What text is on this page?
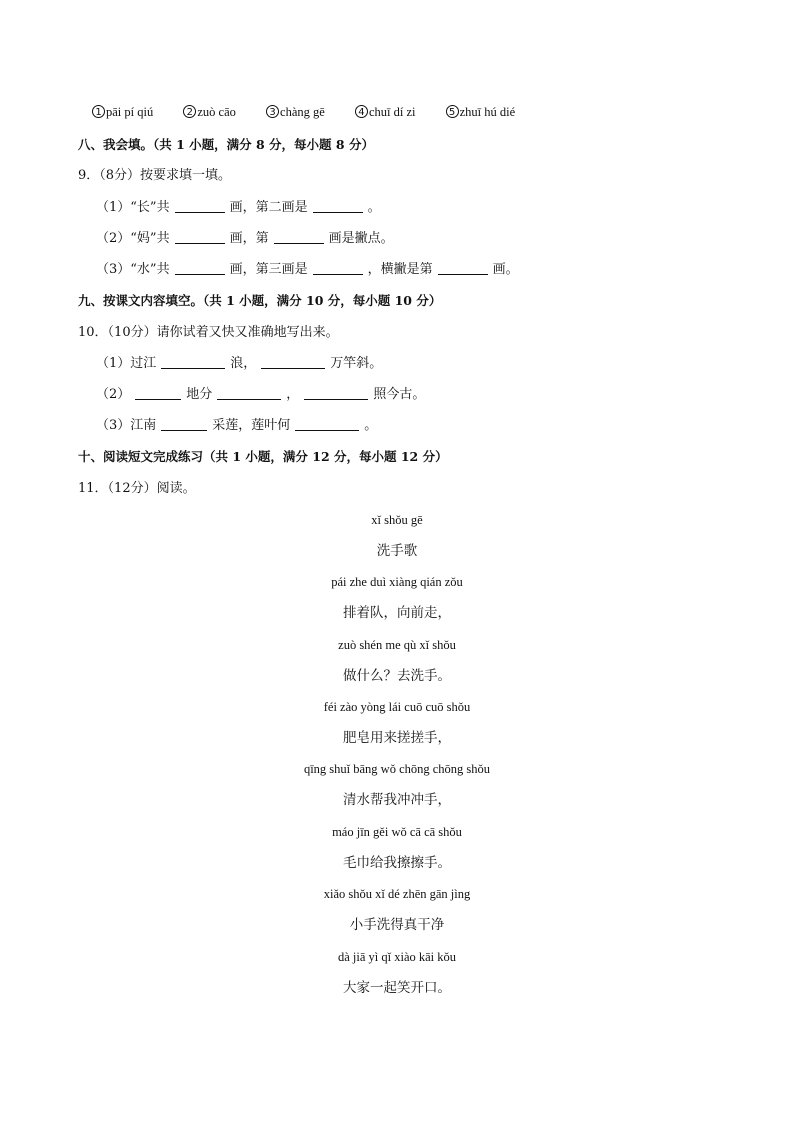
1 pāi pí qiú	2 zuò cāo	3 chàng gē	4 chuī dí zi	5 zhuī hú dié
八、我会填。（共 1 小题，满分 8 分，每小题 8 分）
9．（8分）按要求填一填。
（1）“长”共	画，第二画是	。
（2）“妈”共	画，第	画是撇点。
（3）“水”共	画，第三画是	，横撇是第	画。
九、按课文内容填空。（共 1 小题，满分 10 分，每小题 10 分）
10．（10分）请你试着又快又准确地写出来。
（1）过江	浪，	万竿斜。
（2）	地分	，	照今古。
（3）江南	采莲，莲叶何	。
十、阅读短文完成练习（共 1 小题，满分 12 分，每小题 12 分）
11．（12分）阅读。
xǐ shǒu gē
洗手歌
pái zhe duì xiàng qián zǒu
排着队，向前走，
zuò shén me qù xǐ shǒu
做什么？去洗手。
féi zào yòng lái cuō cuō shǒu
肥皂用来搓搓手，
qīng shuǐ bāng wǒ chōng chōng shǒu
清水帮我冲冲手，
máo jīn gěi wǒ cā cā shǒu
毛巾给我擦擦手。
xiǎo shǒu xǐ dé zhēn gān jìng
小手洗得真干净
dà jiā yì qǐ xiào kāi kǒu
大家一起笑开口。
